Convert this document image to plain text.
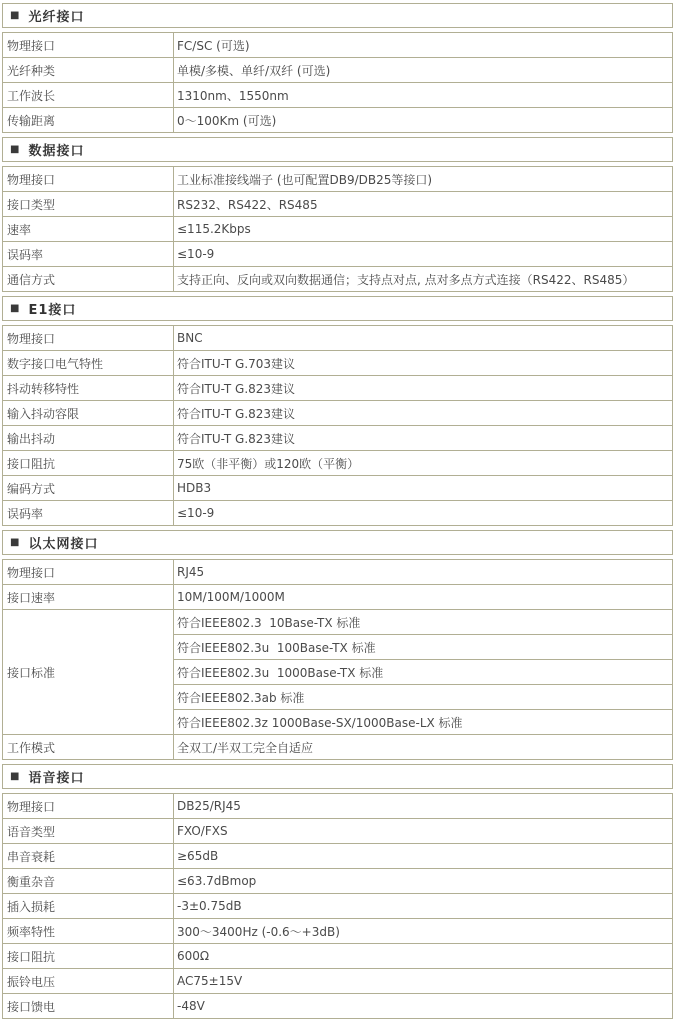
■ 光纤接口
物理接口	FC/SC (可选)
光纤种类	单模/多模、单纤/双纤 (可选)
工作波长	1310nm、1550nm
传输距离	0～100Km (可选)
■ 数据接口
物理接口	工业标准接线端子 (也可配置DB9/DB25等接口)
接口类型	RS232、RS422、RS485
速率	≤115.2Kbps
误码率	≤10-9
通信方式	支持正向、反向或双向数据通信；支持点对点, 点对多点方式连接（RS422、RS485）
■ E1接口
物理接口	BNC
数字接口电气特性	符合ITU-T G.703建议
抖动转移特性	符合ITU-T G.823建议
输入抖动容限	符合ITU-T G.823建议
输出抖动	符合ITU-T G.823建议
接口阻抗	75欧（非平衡）或120欧（平衡）
编码方式	HDB3
误码率	≤10-9
■ 以太网接口
物理接口	RJ45
接口速率	10M/100M/1000M
接口标准	符合IEEE802.3  10Base-TX 标准
	符合IEEE802.3u  100Base-TX 标准
	符合IEEE802.3u  1000Base-TX 标准
	符合IEEE802.3ab 标准
	符合IEEE802.3z 1000Base-SX/1000Base-LX 标准
工作模式	全双工/半双工完全自适应
■ 语音接口
物理接口	DB25/RJ45
语音类型	FXO/FXS
串音衰耗	≥65dB
衡重杂音	≤63.7dBmop
插入损耗	-3±0.75dB
频率特性	300～3400Hz (-0.6～+3dB)
接口阻抗	600Ω
振铃电压	AC75±15V
接口馈电	-48V
